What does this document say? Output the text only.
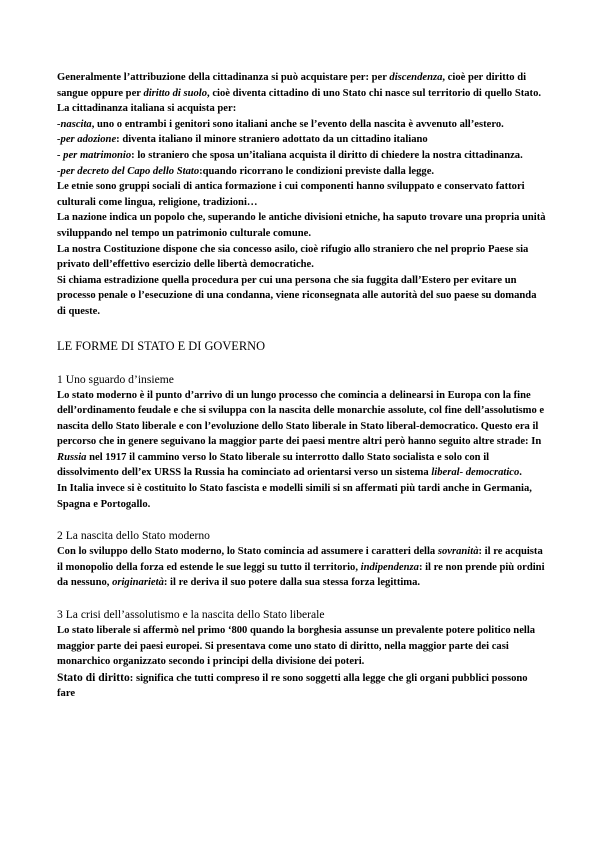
Generalmente l’attribuzione della cittadinanza si può acquistare per: per discendenza, cioè per diritto di sangue oppure per diritto di suolo, cioè diventa cittadino di uno Stato chi nasce sul territorio di quello Stato.

La cittadinanza italiana si acquista per:

-nascita, uno o entrambi i genitori sono italiani anche se l’evento della nascita è avvenuto all’estero.

-per adozione: diventa italiano il minore straniero adottato da un cittadino italiano

- per matrimonio: lo straniero che sposa un’italiana acquista il diritto di chiedere la nostra cittadinanza.

-per decreto del Capo dello Stato:quando ricorrano le condizioni previste dalla legge.

Le etnie sono gruppi sociali di antica formazione i cui componenti hanno sviluppato e conservato fattori culturali come lingua, religione, tradizioni…

La nazione indica un popolo che, superando le antiche divisioni etniche, ha saputo trovare una propria unità sviluppando nel tempo un patrimonio culturale comune.

La nostra Costituzione dispone che sia concesso asilo, cioè rifugio allo straniero che nel proprio Paese sia privato dell’effettivo esercizio delle libertà democratiche.

Si chiama estradizione quella procedura per cui una persona che sia fuggita dall’Estero per evitare un processo penale o l’esecuzione di una condanna, viene riconsegnata alle autorità del suo paese su domanda di queste.

LE FORME DI STATO E DI GOVERNO

1 Uno sguardo d’insieme

Lo stato moderno è il punto d’arrivo di un lungo processo che comincia a delinearsi in Europa con la fine dell’ordinamento feudale e che si sviluppa con la nascita delle monarchie assolute, col fine dell’assolutismo e nascita dello Stato liberale e con l’evoluzione dello Stato liberale in Stato liberal-democratico. Questo era il percorso che in genere seguivano la maggior parte dei paesi mentre altri però hanno seguito altre strade: In Russia nel 1917 il cammino verso lo Stato liberale su interrotto dallo Stato socialista e solo con il dissolvimento dell’ex URSS la Russia ha cominciato ad orientarsi verso un sistema liberal- democratico.

In Italia invece si è costituito lo Stato fascista e modelli simili si sn affermati più tardi anche in Germania, Spagna e Portogallo.

2 La nascita dello Stato moderno

Con lo sviluppo dello Stato moderno, lo Stato comincia ad assumere i caratteri della sovranità: il re acquista il monopolio della forza ed estende le sue leggi su tutto il territorio, indipendenza: il re non prende più ordini da nessuno, originarietà: il re deriva il suo potere dalla sua stessa forza legittima.

3 La crisi dell’assolutismo e la nascita dello Stato liberale

Lo stato liberale si affermò nel primo ‘800 quando la borghesia assunse un prevalente potere politico nella maggior parte dei paesi europei. Si presentava come uno stato di diritto, nella maggior parte dei casi monarchico organizzato secondo i principi della divisione dei poteri.

Stato di diritto: significa che tutti compreso il re sono soggetti alla legge che gli organi pubblici possono fare
